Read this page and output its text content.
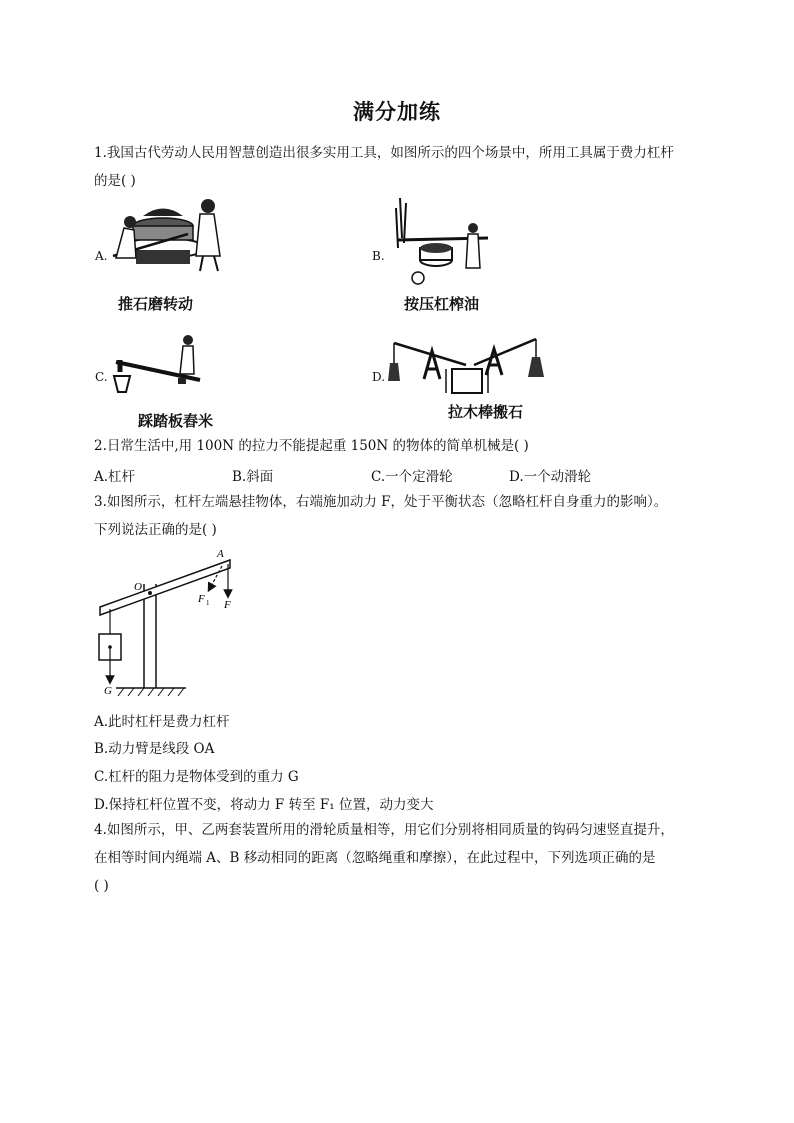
满分加练
1.我国古代劳动人民用智慧创造出很多实用工具，如图所示的四个场景中，所用工具属于费力杠杆
的是( )
A.
推石磨转动
B.
按压杠榨油
C.
踩踏板舂米
D.
拉木棒搬石
2.日常生活中,用 100N 的拉力不能提起重 150N 的物体的简单机械是( )
A.杠杆	B.斜面	C.一个定滑轮	D.一个动滑轮
3.如图所示，杠杆左端悬挂物体，右端施加动力 F，处于平衡状态（忽略杠杆自身重力的影响）。
下列说法正确的是( )
A
O
F
F 1
G
A.此时杠杆是费力杠杆
B.动力臂是线段 OA
C.杠杆的阻力是物体受到的重力 G
D.保持杠杆位置不变，将动力 F 转至 F₁ 位置，动力变大
4.如图所示，甲、乙两套装置所用的滑轮质量相等，用它们分别将相同质量的钩码匀速竖直提升，
在相等时间内绳端 A、B 移动相同的距离（忽略绳重和摩擦），在此过程中，下列选项正确的是
( )
